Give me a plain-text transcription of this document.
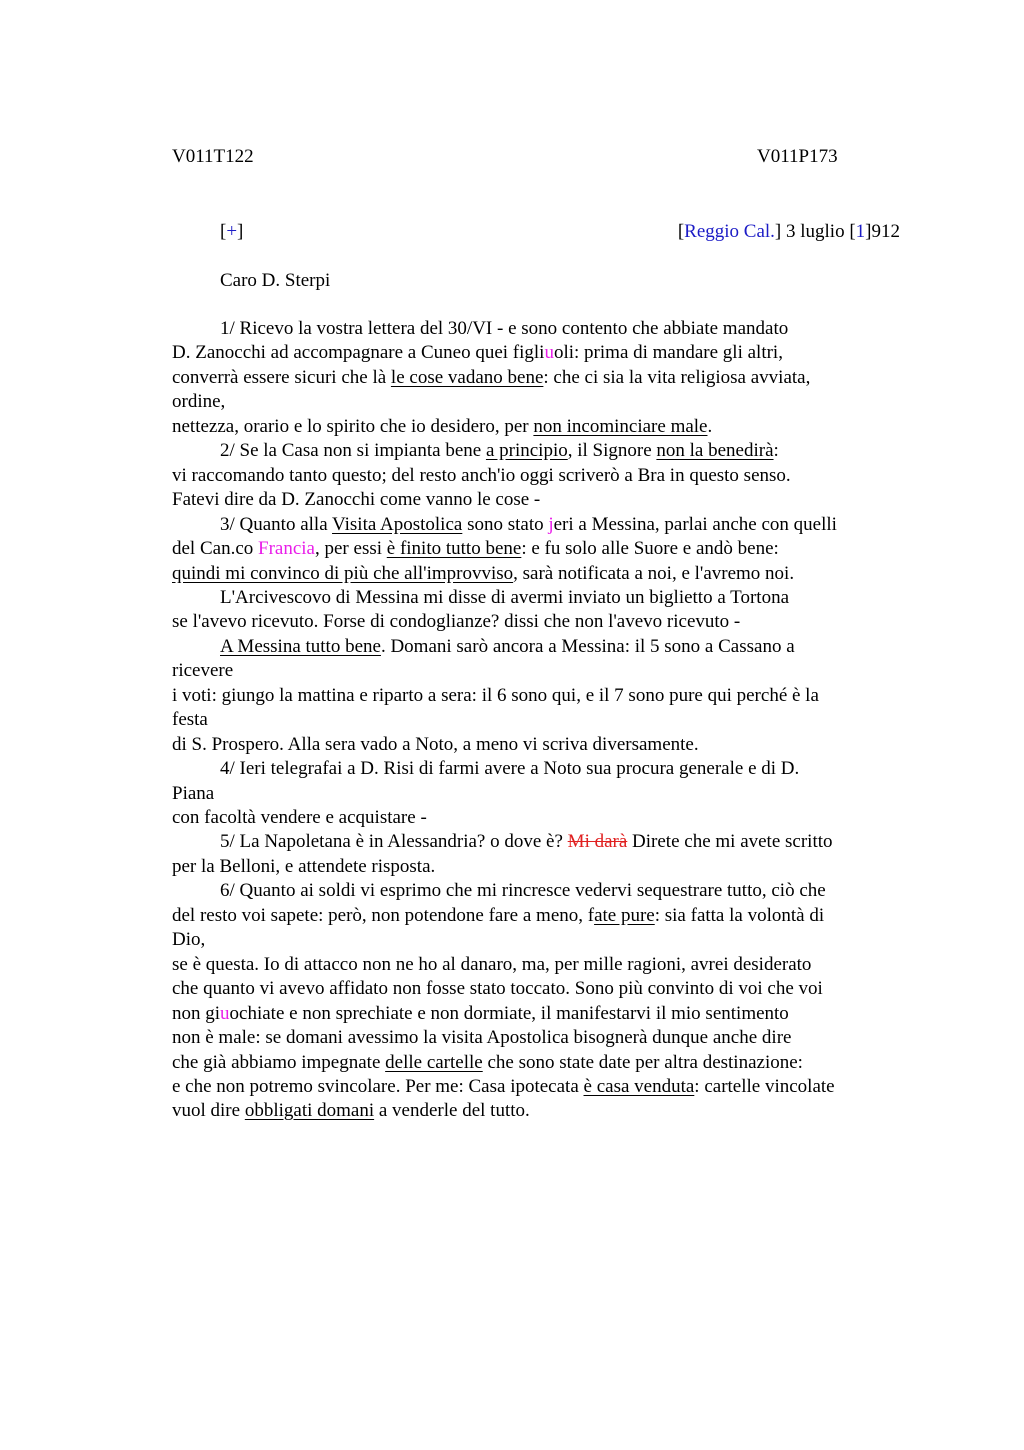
V011T122	V011P173
[+]	[Reggio Cal.] 3 luglio [1]912
Caro D. Sterpi
1/ Ricevo la vostra lettera del 30/VI - e sono contento che abbiate mandato
D. Zanocchi ad accompagnare a Cuneo quei figliuoli: prima di mandare gli altri,
converrà essere sicuri che là le cose vadano bene: che ci sia la vita religiosa avviata,
ordine,
nettezza, orario e lo spirito che io desidero, per non incominciare male.
2/ Se la Casa non si impianta bene a principio, il Signore non la benedirà:
vi raccomando tanto questo; del resto anch'io oggi scriverò a Bra in questo senso.
Fatevi dire da D. Zanocchi come vanno le cose -
3/ Quanto alla Visita Apostolica sono stato jeri a Messina, parlai anche con quelli
del Can.co Francia, per essi è finito tutto bene: e fu solo alle Suore e andò bene:
quindi mi convinco di più che all'improvviso, sarà notificata a noi, e l'avremo noi.
L'Arcivescovo di Messina mi disse di avermi inviato un biglietto a Tortona
se l'avevo ricevuto. Forse di condoglianze? dissi che non l'avevo ricevuto -
A Messina tutto bene. Domani sarò ancora a Messina: il 5 sono a Cassano a
ricevere
i voti: giungo la mattina e riparto a sera: il 6 sono qui, e il 7 sono pure qui perché è la
festa
di S. Prospero. Alla sera vado a Noto, a meno vi scriva diversamente.
4/ Ieri telegrafai a D. Risi di farmi avere a Noto sua procura generale e di D.
Piana
con facoltà vendere e acquistare -
5/ La Napoletana è in Alessandria? o dove è? Mi darà Direte che mi avete scritto
per la Belloni, e attendete risposta.
6/ Quanto ai soldi vi esprimo che mi rincresce vedervi sequestrare tutto, ciò che
del resto voi sapete: però, non potendone fare a meno, fate pure: sia fatta la volontà di
Dio,
se è questa. Io di attacco non ne ho al danaro, ma, per mille ragioni, avrei desiderato
che quanto vi avevo affidato non fosse stato toccato. Sono più convinto di voi che voi
non giuochiate e non sprechiate e non dormiate, il manifestarvi il mio sentimento
non è male: se domani avessimo la visita Apostolica bisognerà dunque anche dire
che già abbiamo impegnate delle cartelle che sono state date per altra destinazione:
e che non potremo svincolare. Per me: Casa ipotecata è casa venduta: cartelle vincolate
vuol dire obbligati domani a venderle del tutto.
